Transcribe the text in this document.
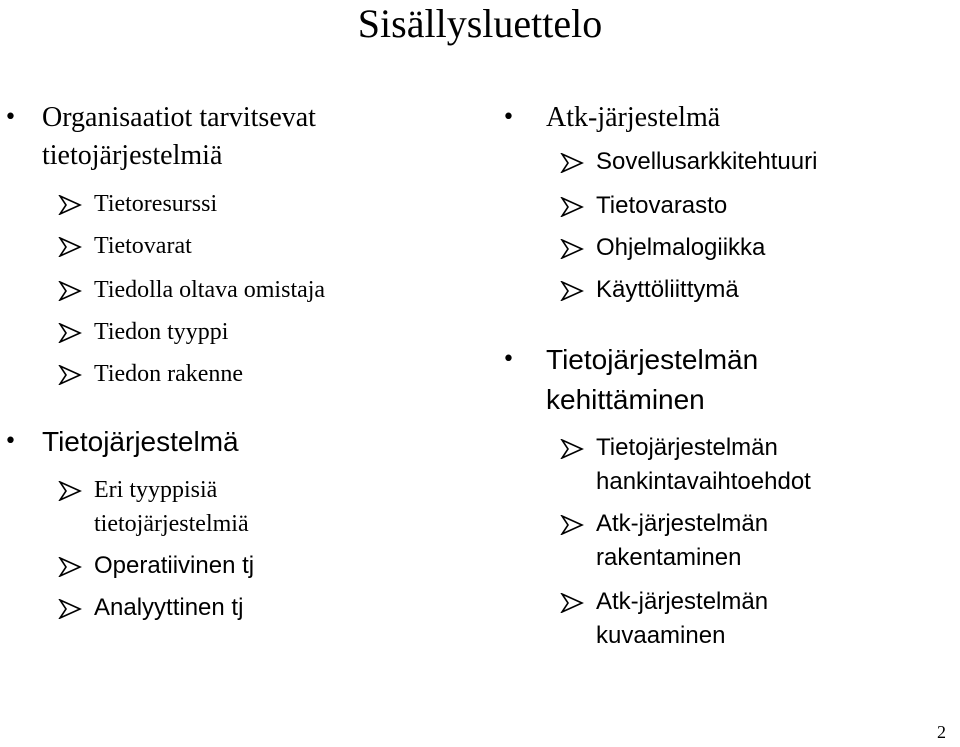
Sisällysluettelo
• Organisaatiot tarvitsevat
tietojärjestelmiä
Tietoresurssi
Tietovarat
Tiedolla oltava omistaja
Tiedon tyyppi
Tiedon rakenne
• Tietojärjestelmä
Eri tyyppisiä
tietojärjestelmiä
Operatiivinen tj
Analyyttinen tj
• Atk-järjestelmä
Sovellusarkkitehtuuri
Tietovarasto
Ohjelmalogiikka
Käyttöliittymä
• Tietojärjestelmän
kehittäminen
Tietojärjestelmän
hankintavaihtoehdot
Atk-järjestelmän
rakentaminen
Atk-järjestelmän
kuvaaminen
2
